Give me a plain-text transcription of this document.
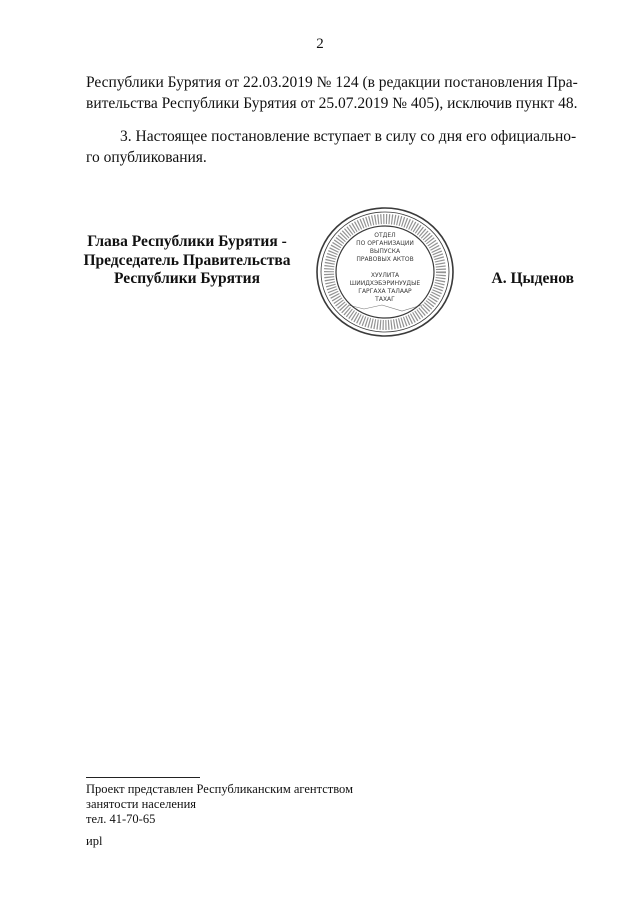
2
Республики Бурятия от 22.03.2019 № 124 (в редакции постановления Пра-
вительства Республики Бурятия от 25.07.2019 № 405), исключив пункт 48.
3. Настоящее постановление вступает в силу со дня его официально-
го опубликования.
Глава Республики Бурятия -
Председатель Правительства
Республики Бурятия
ОТДЕЛ
ПО ОРГАНИЗАЦИИ
ВЫПУСКА
ПРАВОВЫХ АКТОВ
ХУУЛИТА
ШИИДХЭБЭРИНУУДЫЕ
ГАРГАХА ТАЛААР
ТАХАГ
А. Цыденов
Проект представлен Республиканским агентством
занятости населения
тел. 41-70-65
ирl
